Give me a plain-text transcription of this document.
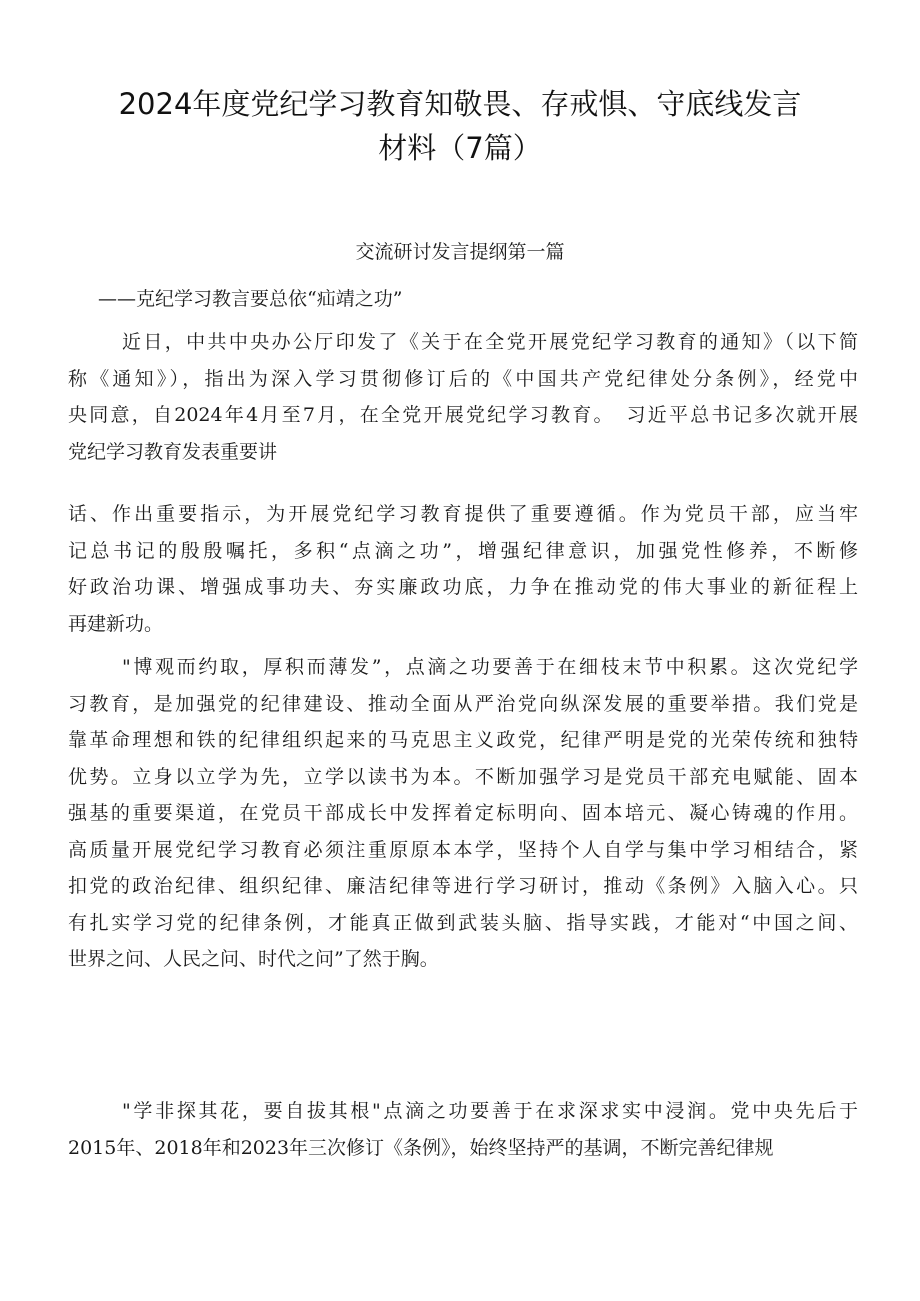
2024年度党纪学习教育知敬畏、存戒惧、守底线发言
材料（7篇）

交流研讨发言提纲第一篇

——克纪学习教言要总依“疝靖之功”

近日，中共中央办公厅印发了《关于在全党开展党纪学习教育的通知》（以下简
称《通知》），指出为深入学习贯彻修订后的《中国共产党纪律处分条例》，经党中
央同意，自2024年4月至7月，在全党开展党纪学习教育。　习近平总书记多次就开展
党纪学习教育发表重要讲
话、作出重要指示，为开展党纪学习教育提供了重要遵循。作为党员干部，应当牢
记总书记的殷殷嘱托，多积“点滴之功”，增强纪律意识，加强党性修养，不断修
好政治功课、增强成事功夫、夯实廉政功底，力争在推动党的伟大事业的新征程上
再建新功。
"博观而约取，厚积而薄发”，点滴之功要善于在细枝末节中积累。这次党纪学
习教育，是加强党的纪律建设、推动全面从严治党向纵深发展的重要举措。我们党是
靠革命理想和铁的纪律组织起来的马克思主义政党，纪律严明是党的光荣传统和独特
优势。立身以立学为先，立学以读书为本。不断加强学习是党员干部充电赋能、固本
强基的重要渠道，在党员干部成长中发挥着定标明向、固本培元、凝心铸魂的作用。
高质量开展党纪学习教育必须注重原原本本学，坚持个人自学与集中学习相结合，紧
扣党的政治纪律、组织纪律、廉洁纪律等进行学习研讨，推动《条例》入脑入心。只
有扎实学习党的纪律条例，才能真正做到武装头脑、指导实践，才能对“中国之间、
世界之问、人民之问、时代之问”了然于胸。
"学非探其花，要自拔其根"点滴之功要善于在求深求实中浸润。党中央先后于
2015年、2018年和2023年三次修订《条例》，始终坚持严的基调，不断完善纪律规
